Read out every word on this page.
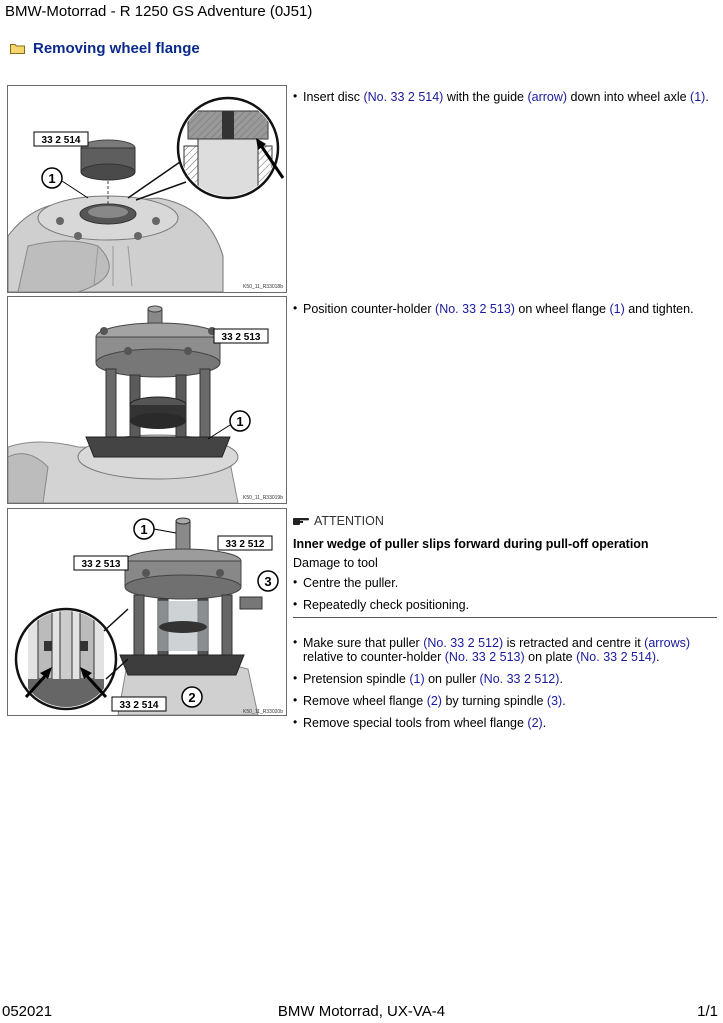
BMW-Motorrad - R 1250 GS Adventure (0J51)
Removing wheel flange
33 2 514
1
K50_11_R33018b
33 2 513
1
K50_11_R33019b
1
33 2 512
33 2 513
3
33 2 514
2
K50_11_R33020b
• Insert disc (No. 33 2 514) with the guide (arrow) down into wheel axle (1).
• Position counter-holder (No. 33 2 513) on wheel flange (1) and tighten.
ATTENTION
Inner wedge of puller slips forward during pull-off operation
Damage to tool
• Centre the puller.
• Repeatedly check positioning.
• Make sure that puller (No. 33 2 512) is retracted and centre it (arrows) relative to counter-holder (No. 33 2 513) on plate (No. 33 2 514).
• Pretension spindle (1) on puller (No. 33 2 512).
• Remove wheel flange (2) by turning spindle (3).
• Remove special tools from wheel flange (2).
052021	BMW Motorrad, UX-VA-4	1/1
